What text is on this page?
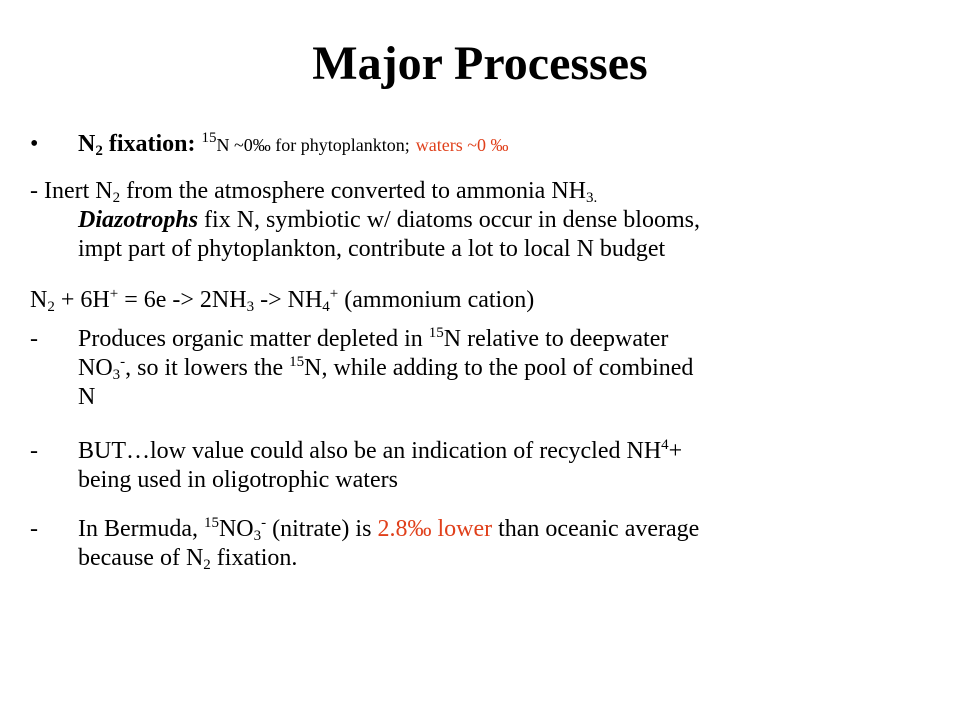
Major Processes
• $N_2$ fixation: $^{15}$N ~0‰ for phytoplankton; waters ~0 ‰
- Inert $N_2$ from the atmosphere converted to ammonia $NH_{3.}$
Diazotrophs fix N, symbiotic w/ diatoms occur in dense blooms,
impt part of phytoplankton, contribute a lot to local N budget
$N_2 + 6H^+ = 6e -> 2NH_3 -> NH_4^+$ (ammonium cation)
- Produces organic matter depleted in $^{15}$N relative to deepwater
$NO_3^-$, so it lowers the $^{15}$N, while adding to the pool of combined
N
- BUT…low value could also be an indication of recycled $NH^4+$
being used in oligotrophic waters
- In Bermuda, $^{15}NO_3^-$ (nitrate) is 2.8‰ lower than oceanic average
because of $N_2$ fixation.
